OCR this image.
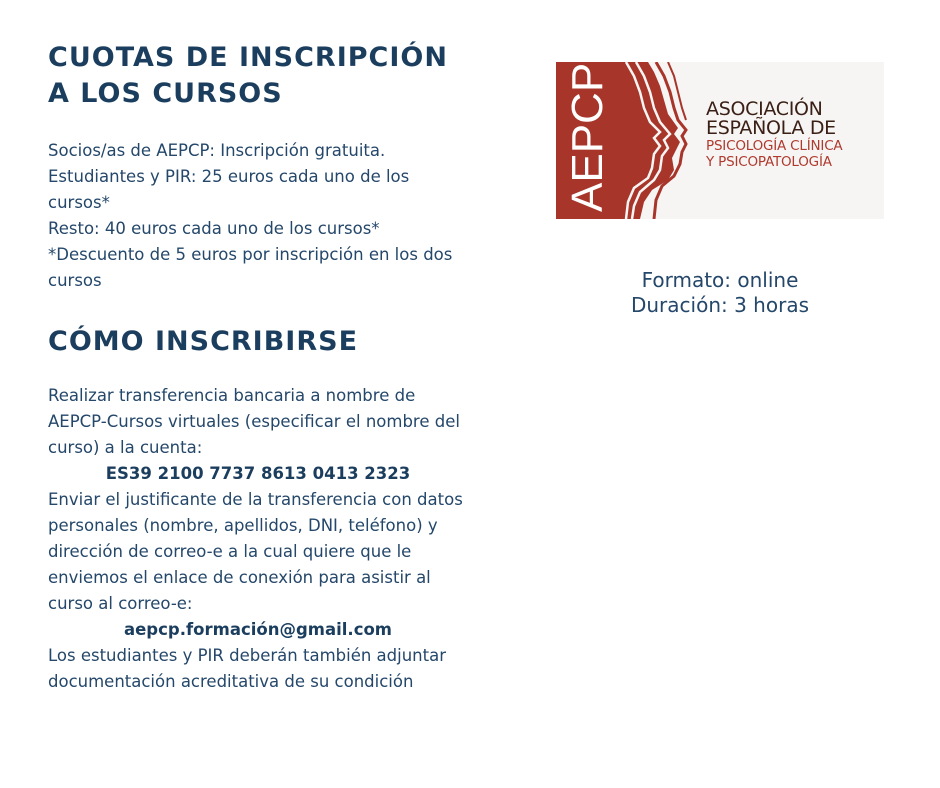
CUOTAS DE INSCRIPCIÓN A LOS CURSOS

Socios/as de AEPCP: Inscripción gratuita.

Estudiantes y PIR: 25 euros cada uno de los cursos*

Resto: 40 euros cada uno de los cursos*

*Descuento de 5 euros por inscripción en los dos cursos

CÓMO INSCRIBIRSE

Realizar transferencia bancaria a nombre de AEPCP-Cursos virtuales (especificar el nombre del curso) a la cuenta:

ES39 2100 7737 8613 0413 2323

Enviar el justificante de la transferencia con datos personales (nombre, apellidos, DNI, teléfono) y dirección de correo-e a la cual quiere que le enviemos el enlace de conexión para asistir al curso al correo-e:

aepcp.formación@gmail.com

Los estudiantes y PIR deberán también adjuntar documentación acreditativa de su condición

AEPCP	ASOCIACIÓN
ESPAÑOLA DE
PSICOLOGÍA CLÍNICA
Y PSICOPATOLOGÍA
Formato: online
Duración: 3 horas
